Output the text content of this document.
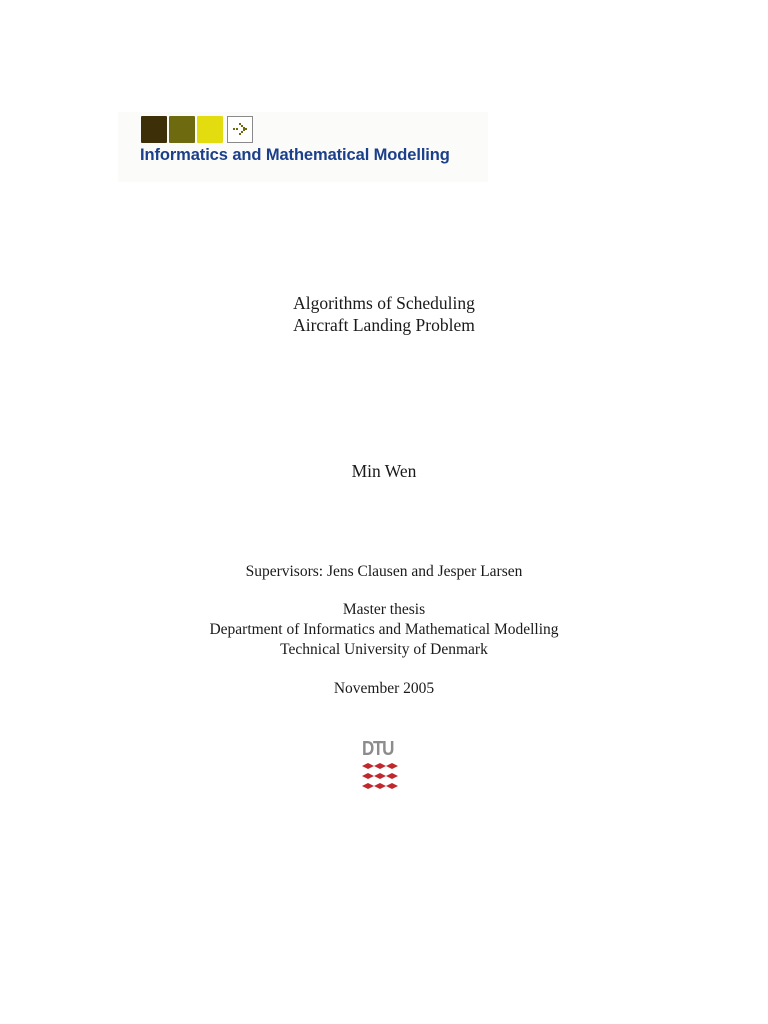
Informatics and Mathematical Modelling
Algorithms of Scheduling
Aircraft Landing Problem
Min Wen
Supervisors: Jens Clausen and Jesper Larsen
Master thesis
Department of Informatics and Mathematical Modelling
Technical University of Denmark
November 2005
DTU
